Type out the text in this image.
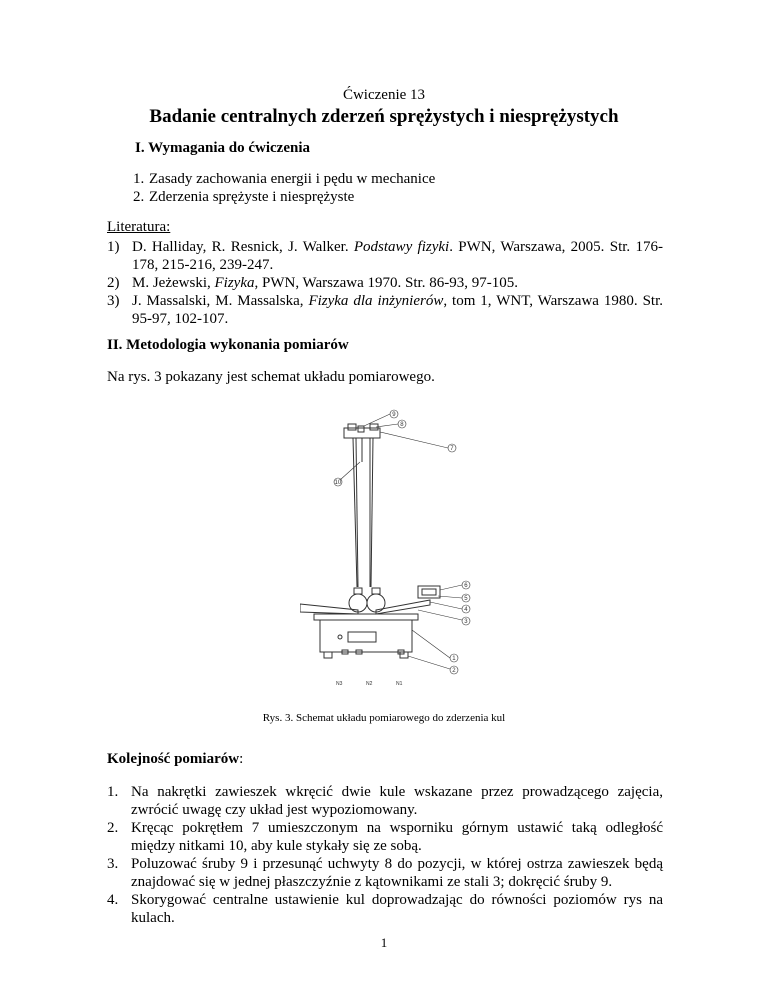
Ćwiczenie 13
Badanie centralnych zderzeń sprężystych i niesprężystych
I. Wymagania do ćwiczenia
1. Zasady zachowania energii i pędu w mechanice
2. Zderzenia sprężyste i niesprężyste
Literatura:
1) D. Halliday, R. Resnick, J. Walker. Podstawy fizyki. PWN, Warszawa, 2005. Str. 176-178, 215-216, 239-247.
2) M. Jeżewski, Fizyka, PWN, Warszawa 1970. Str. 86-93, 97-105.
3) J. Massalski, M. Massalska, Fizyka dla inżynierów, tom 1, WNT, Warszawa 1980. Str. 95-97, 102-107.
II. Metodologia wykonania pomiarów
Na rys. 3 pokazany jest schemat układu pomiarowego.
9
8
7
10
6
5
4
3
1
2
N3	N2	N1
Rys. 3. Schemat układu pomiarowego do zderzenia kul
Kolejność pomiarów:
1. Na nakrętki zawieszek wkręcić dwie kule wskazane przez prowadzącego zajęcia, zwrócić uwagę czy układ jest wypoziomowany.
2. Kręcąc pokrętłem 7 umieszczonym na wsporniku górnym ustawić taką odległość między nitkami 10, aby kule stykały się ze sobą.
3. Poluzować śruby 9 i przesunąć uchwyty 8 do pozycji, w której ostrza zawieszek będą znajdować się w jednej płaszczyźnie z kątownikami ze stali 3; dokręcić śruby 9.
4. Skorygować centralne ustawienie kul doprowadzając do równości poziomów rys na kulach.
1
